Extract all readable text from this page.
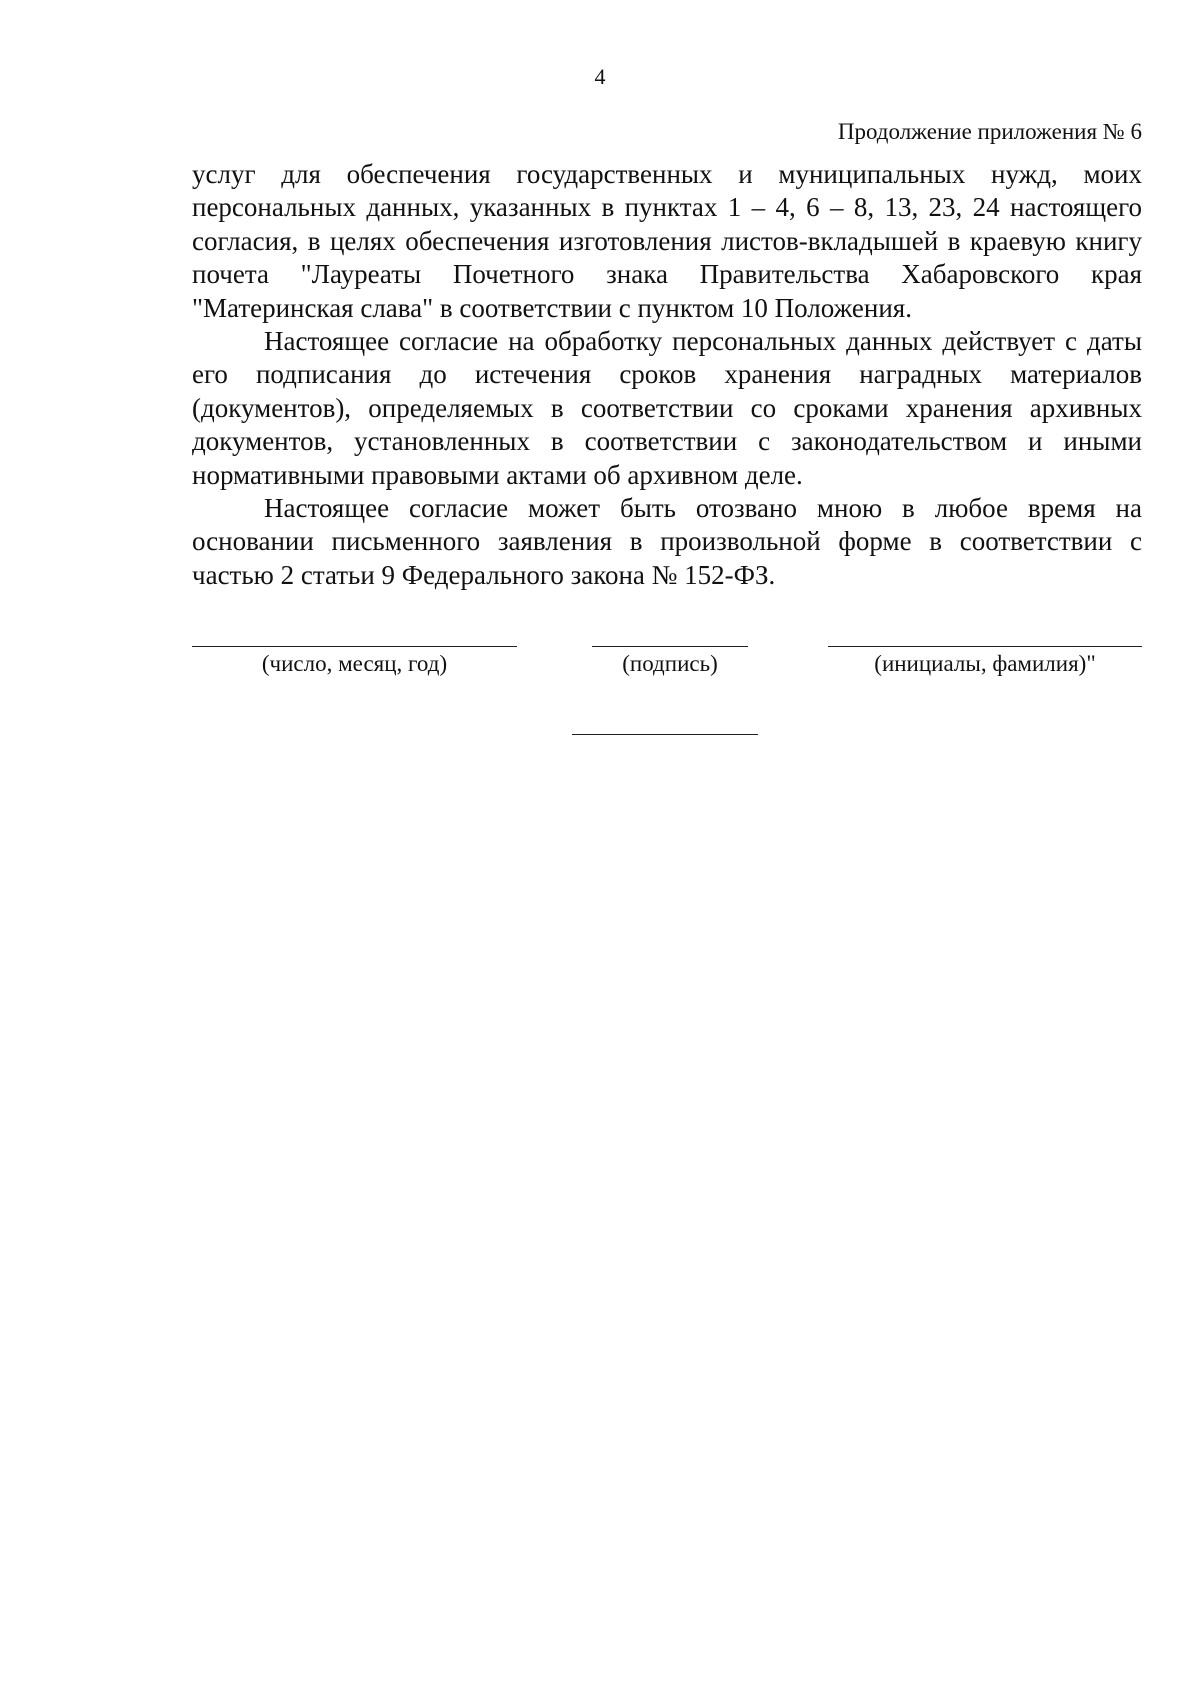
4
Продолжение приложения № 6

услуг для обеспечения государственных и муниципальных нужд, моих персональных данных, указанных в пунктах 1 – 4, 6 – 8, 13, 23, 24 настоящего согласия, в целях обеспечения изготовления листов-вкладышей в краевую книгу почета "Лауреаты Почетного знака Правительства Хабаровского края "Материнская слава" в соответствии с пунктом 10 Положения.

Настоящее согласие на обработку персональных данных действует с даты его подписания до истечения сроков хранения наградных материалов (документов), определяемых в соответствии со сроками хранения архивных документов, установленных в соответствии с законодательством и иными нормативными правовыми актами об архивном деле.

Настоящее согласие может быть отозвано мною в любое время на основании письменного заявления в произвольной форме в соответствии с частью 2 статьи 9 Федерального закона № 152-ФЗ.

(число, месяц, год)	(подпись)	(инициалы, фамилия)"
